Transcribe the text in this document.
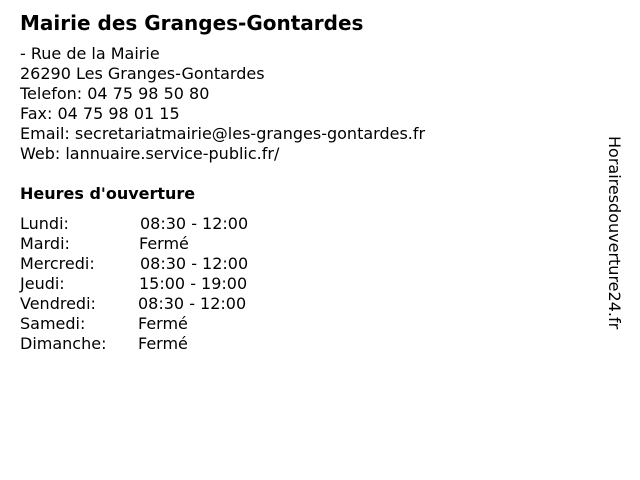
Mairie des Granges-Gontardes
- Rue de la Mairie
26290 Les Granges-Gontardes
Telefon: 04 75 98 50 80
Fax: 04 75 98 01 15
Email: secretariatmairie@les-granges-gontardes.fr
Web: lannuaire.service-public.fr/
Heures d'ouverture
Lundi:	08:30 - 12:00
Mardi:	Fermé
Mercredi:	08:30 - 12:00
Jeudi:	15:00 - 19:00
Vendredi:	08:30 - 12:00
Samedi:	Fermé
Dimanche: Fermé
Horairesdouverture24.fr
